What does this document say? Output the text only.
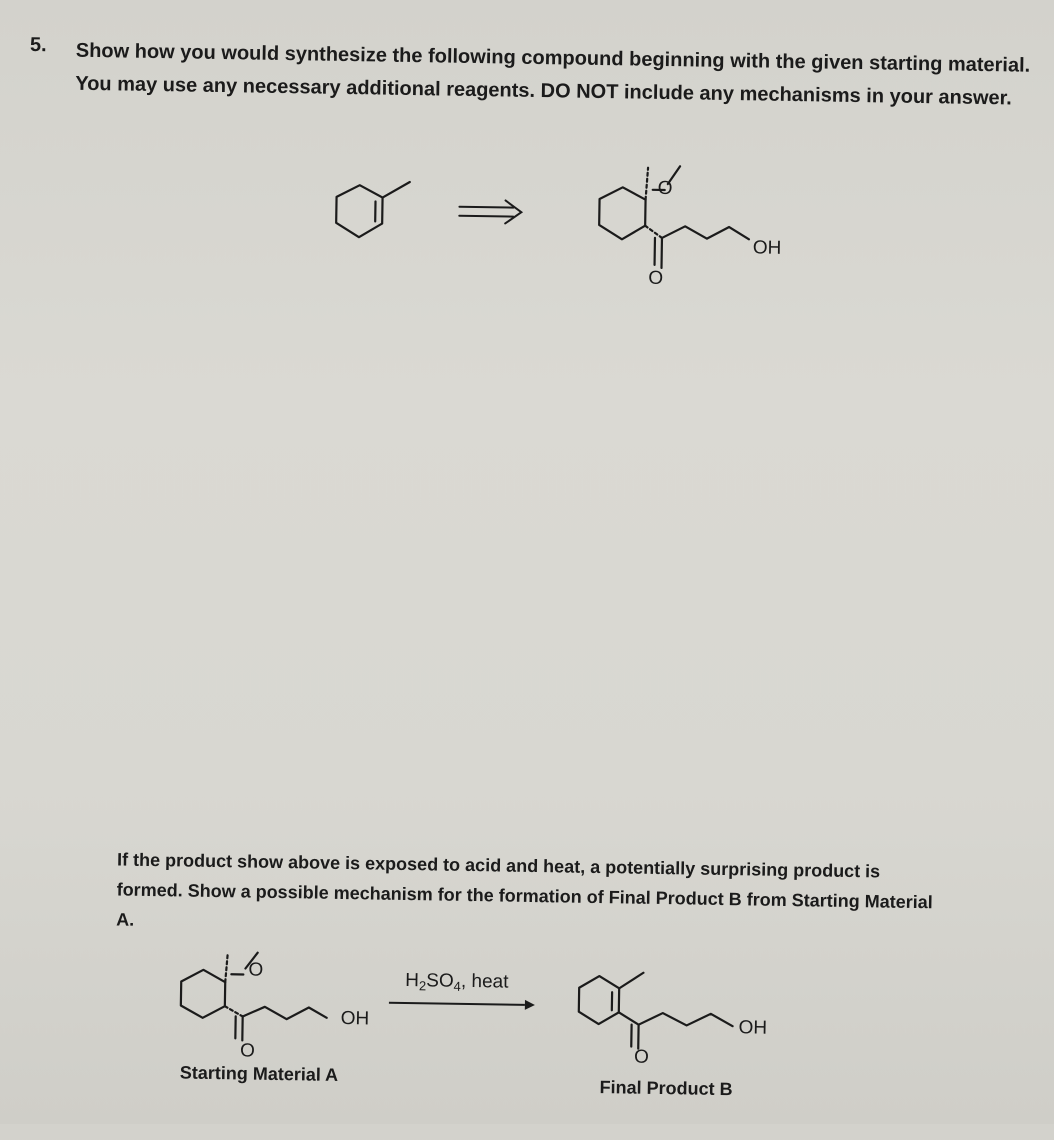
5. Show how you would synthesize the following compound beginning with the given starting material. You may use any necessary additional reagents. DO NOT include any mechanisms in your answer.
O
O
OH
If the product show above is exposed to acid and heat, a potentially surprising product is formed. Show a possible mechanism for the formation of Final Product B from Starting Material A.
O
O
OH
Starting Material A
$H_2SO_4$, heat
O
OH
Final Product B
